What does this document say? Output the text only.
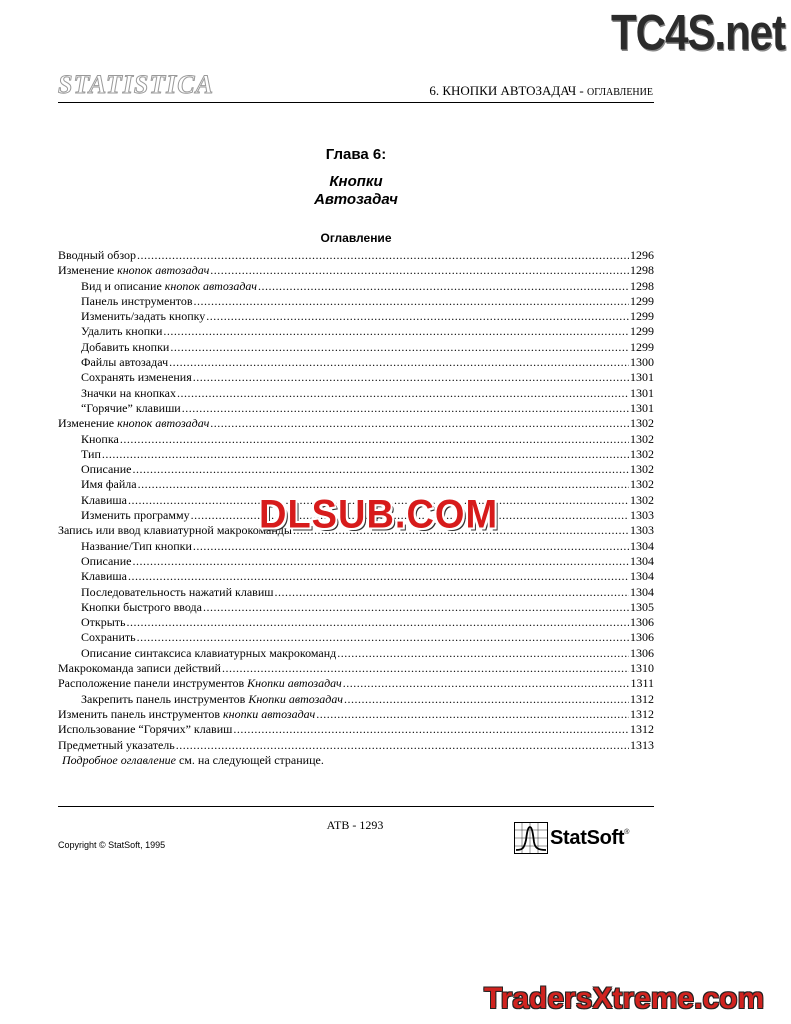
TC4S.net
STATISTICA	6. КНОПКИ АВТОЗАДАЧ - ОГЛАВЛЕНИЕ
Глава 6:
Кнопки
Автозадач
Оглавление
Вводный обзор .....	1296
Изменение кнопок автозадач .....	1298
Вид и описание кнопок автозадач .....	1298
Панель инструментов .....	1299
Изменить/задать кнопку .....	1299
Удалить кнопки .....	1299
Добавить кнопки .....	1299
Файлы автозадач .....	1300
Сохранять изменения .....	1301
Значки на кнопках .....	1301
“Горячие” клавиши .....	1301
Изменение кнопок автозадач .....	1302
Кнопка .....	1302
Тип .....	1302
Описание .....	1302
Имя файла .....	1302
Клавиша .....	1302
Изменить программу .....	1303
Запись или ввод клавиатурной макрокоманды .....	1303
Название/Тип кнопки .....	1304
Описание .....	1304
Клавиша .....	1304
Последовательность нажатий клавиш .....	1304
Кнопки быстрого ввода .....	1305
Открыть .....	1306
Сохранить .....	1306
Описание синтаксиса клавиатурных макрокоманд .....	1306
Макрокоманда записи действий .....	1310
Расположение панели инструментов Кнопки автозадач .....	1311
Закрепить панель инструментов Кнопки автозадач .....	1312
Изменить панель инструментов кнопки автозадач .....	1312
Использование “Горячих” клавиш .....	1312
Предметный указатель .....	1313
Подробное оглавление см. на следующей странице.
DLSUB.COM
ATB - 1293
Copyright © StatSoft, 1995	StatSoft ®
TradersXtreme.com
